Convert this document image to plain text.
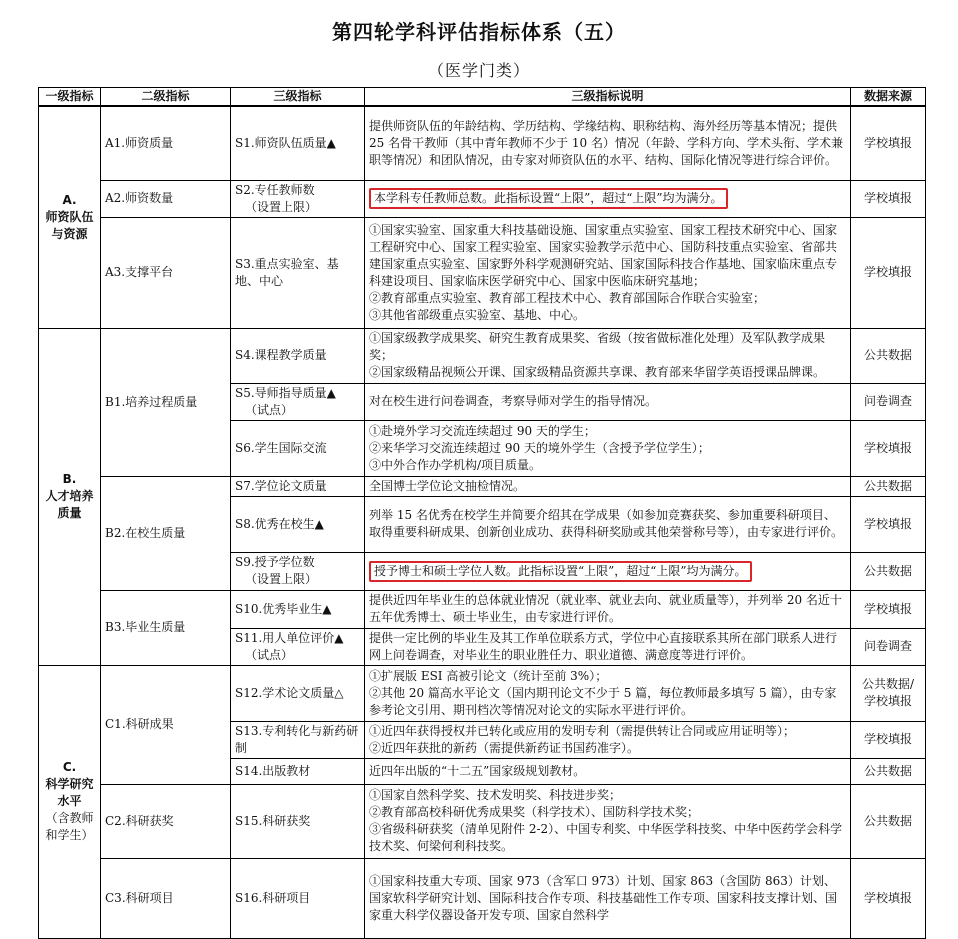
第四轮学科评估指标体系（五）
（医学门类）
一级指标	二级指标	三级指标	三级指标说明	数据来源

A.
师资队伍
与资源	A1.师资质量	S1.师资队伍质量▲	提供师资队伍的年龄结构、学历结构、学缘结构、职称结构、海外经历等基本情况；提供 25 名骨干教师（其中青年教师不少于 10 名）情况（年龄、学科方向、学术头衔、学术兼职等情况）和团队情况，由专家对师资队伍的水平、结构、国际化情况等进行综合评价。	学校填报
	A2.师资数量	S2.专任教师数
（设置上限）	本学科专任教师总数。此指标设置“上限”，超过“上限”均为满分。	学校填报
	A3.支撑平台	S3.重点实验室、基地、中心	①国家实验室、国家重大科技基础设施、国家重点实验室、国家工程技术研究中心、国家工程研究中心、国家工程实验室、国家实验教学示范中心、国防科技重点实验室、省部共建国家重点实验室、国家野外科学观测研究站、国家国际科技合作基地、国家临床重点专科建设项目、国家临床医学研究中心、国家中医临床研究基地；
②教育部重点实验室、教育部工程技术中心、教育部国际合作联合实验室；
③其他省部级重点实验室、基地、中心。	学校填报

B.
人才培养
质量	B1.培养过程质量	S4.课程教学质量	①国家级教学成果奖、研究生教育成果奖、省级（按省做标准化处理）及军队教学成果奖；
②国家级精品视频公开课、国家级精品资源共享课、教育部来华留学英语授课品牌课。	公共数据

		S5.导师指导质量▲
（试点）	对在校生进行问卷调查，考察导师对学生的指导情况。	问卷调查
		S6.学生国际交流	①赴境外学习交流连续超过 90 天的学生；
②来华学习交流连续超过 90 天的境外学生（含授予学位学生）；
③中外合作办学机构/项目质量。	学校填报
	B2.在校生质量	S7.学位论文质量	全国博士学位论文抽检情况。	公共数据
		S8.优秀在校生▲	列举 15 名优秀在校学生并简要介绍其在学成果（如参加竞赛获奖、参加重要科研项目、取得重要科研成果、创新创业成功、获得科研奖励或其他荣誉称号等），由专家进行评价。	学校填报

		S9.授予学位数
（设置上限）	授予博士和硕士学位人数。此指标设置“上限”，超过“上限”均为满分。	公共数据
	B3.毕业生质量	S10.优秀毕业生▲	提供近四年毕业生的总体就业情况（就业率、就业去向、就业质量等），并列举 20 名近十五年优秀博士、硕士毕业生，由专家进行评价。	学校填报

		S11.用人单位评价▲
（试点）	提供一定比例的毕业生及其工作单位联系方式，学位中心直接联系其所在部门联系人进行网上问卷调查，对毕业生的职业胜任力、职业道德、满意度等进行评价。	问卷调查

C.
科学研究
水平
（含教师
和学生）	C1.科研成果	S12.学术论文质量△	①扩展版 ESI 高被引论文（统计至前 3%）；
②其他 20 篇高水平论文（国内期刊论文不少于 5 篇，每位教师最多填写 5 篇），由专家参考论文引用、期刊档次等情况对论文的实际水平进行评价。	公共数据/
学校填报

		S13.专利转化与新药研制	①近四年获得授权并已转化或应用的发明专利（需提供转让合同或应用证明等）；
②近四年获批的新药（需提供新药证书国药准字）。	学校填报
		S14.出版教材	近四年出版的“十二五”国家级规划教材。	公共数据
	C2.科研获奖	S15.科研获奖	①国家自然科学奖、技术发明奖、科技进步奖；
②教育部高校科研优秀成果奖（科学技术）、国防科学技术奖；
③省级科研获奖（清单见附件 2-2）、中国专利奖、中华医学科技奖、中华中医药学会科学技术奖、何梁何利科技奖。	公共数据
	C3.科研项目	S16.科研项目	①国家科技重大专项、国家 973（含军口 973）计划、国家 863（含国防 863）计划、国家软科学研究计划、国际科技合作专项、科技基础性工作专项、国家科技支撑计划、国家重大科学仪器设备开发专项、国家自然科学	学校填报
